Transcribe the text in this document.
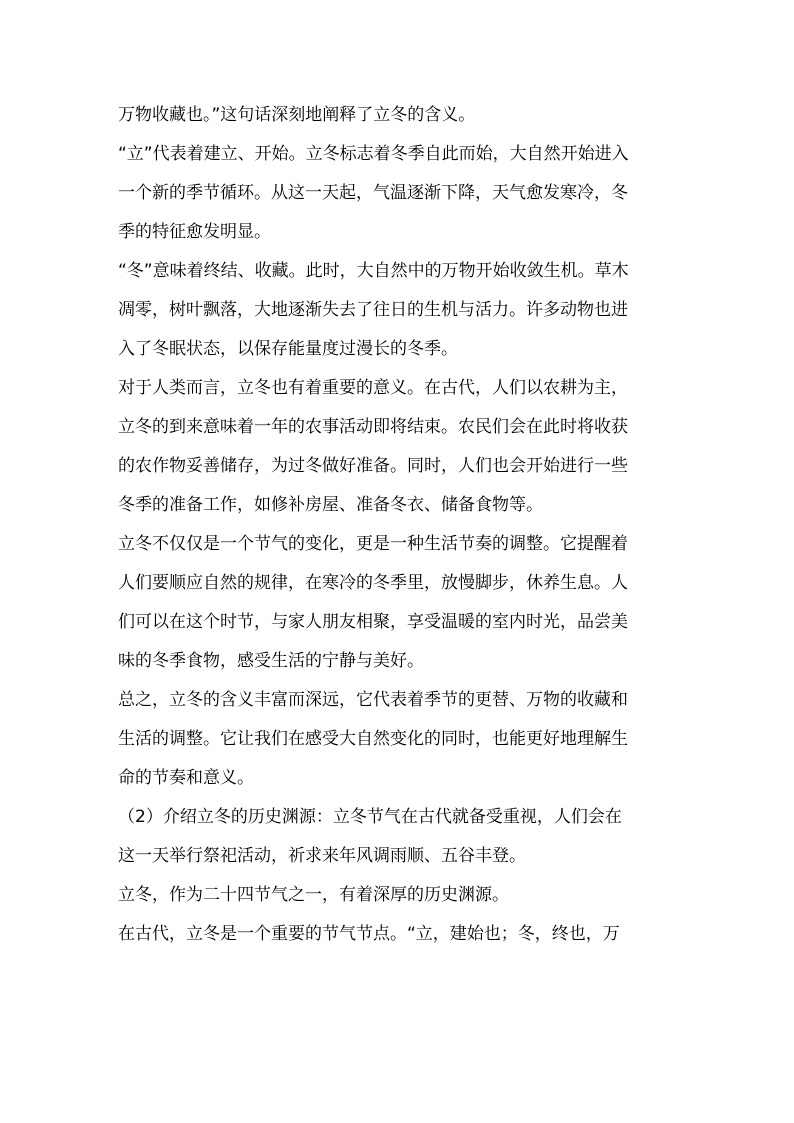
万物收藏也。”这句话深刻地阐释了立冬的含义。

“立”代表着建立、开始。立冬标志着冬季自此而始，大自然开始进入
一个新的季节循环。从这一天起，气温逐渐下降，天气愈发寒冷，冬
季的特征愈发明显。

“冬”意味着终结、收藏。此时，大自然中的万物开始收敛生机。草木
凋零，树叶飘落，大地逐渐失去了往日的生机与活力。许多动物也进
入了冬眠状态，以保存能量度过漫长的冬季。

对于人类而言，立冬也有着重要的意义。在古代，人们以农耕为主，
立冬的到来意味着一年的农事活动即将结束。农民们会在此时将收获
的农作物妥善储存，为过冬做好准备。同时，人们也会开始进行一些
冬季的准备工作，如修补房屋、准备冬衣、储备食物等。

立冬不仅仅是一个节气的变化，更是一种生活节奏的调整。它提醒着
人们要顺应自然的规律，在寒冷的冬季里，放慢脚步，休养生息。人
们可以在这个时节，与家人朋友相聚，享受温暖的室内时光，品尝美
味的冬季食物，感受生活的宁静与美好。

总之，立冬的含义丰富而深远，它代表着季节的更替、万物的收藏和
生活的调整。它让我们在感受大自然变化的同时，也能更好地理解生
命的节奏和意义。

（2）介绍立冬的历史渊源：立冬节气在古代就备受重视，人们会在
这一天举行祭祀活动，祈求来年风调雨顺、五谷丰登。

立冬，作为二十四节气之一，有着深厚的历史渊源。

在古代，立冬是一个重要的节气节点。“立，建始也；冬，终也，万
